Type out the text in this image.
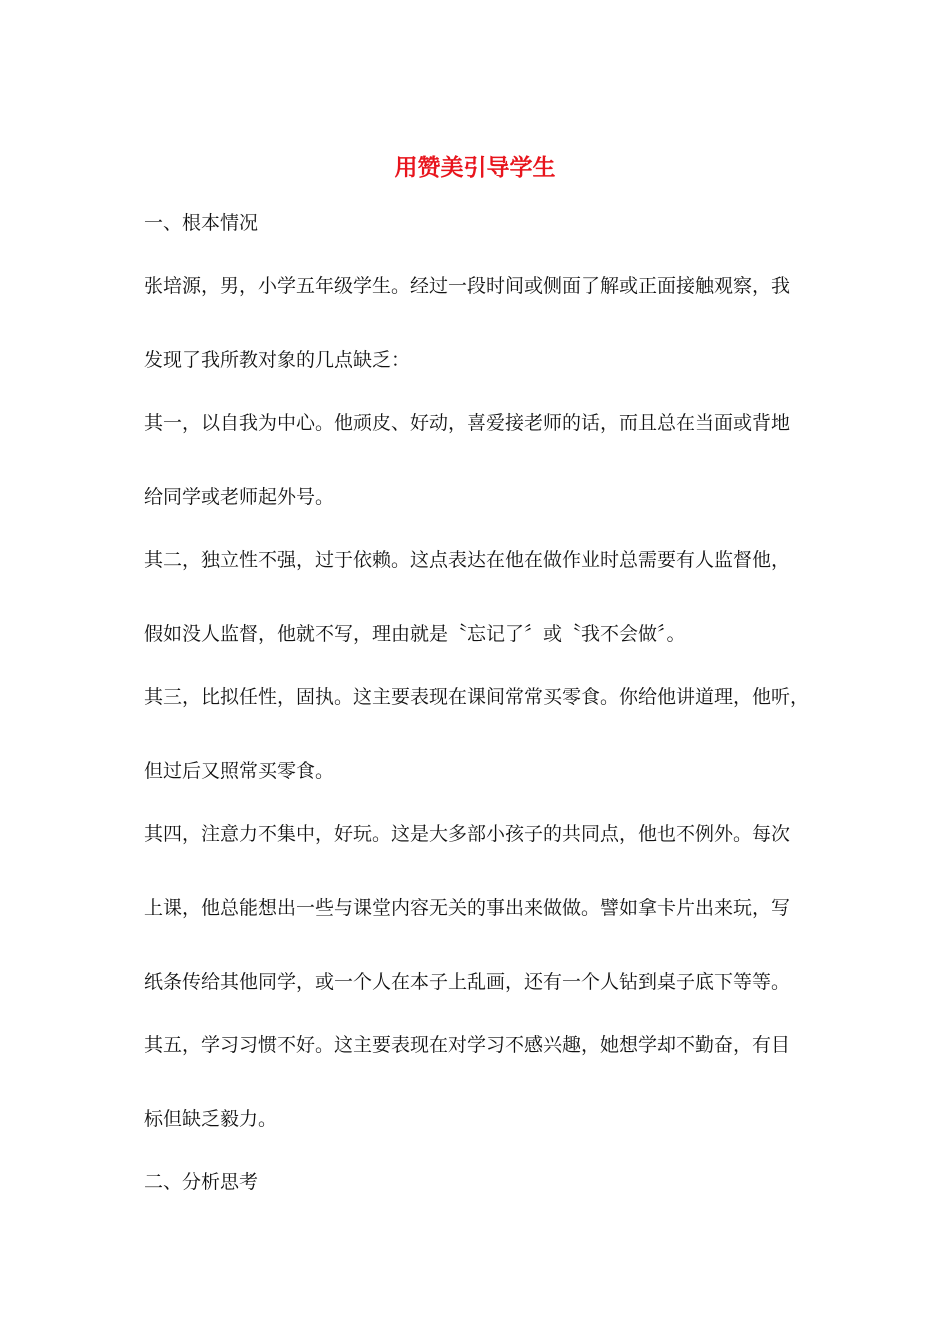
用赞美引导学生

一、根本情况

张培源，男，小学五年级学生。经过一段时间或侧面了解或正面接触观察，我

发现了我所教对象的几点缺乏：

其一，以自我为中心。他顽皮、好动，喜爱接老师的话，而且总在当面或背地

给同学或老师起外号。

其二，独立性不强，过于依赖。这点表达在他在做作业时总需要有人监督他，

假如没人监督，他就不写，理由就是〝忘记了〞或〝我不会做〞。

其三，比拟任性，固执。这主要表现在课间常常买零食。你给他讲道理，他听，

但过后又照常买零食。

其四，注意力不集中，好玩。这是大多部小孩子的共同点，他也不例外。每次

上课，他总能想出一些与课堂内容无关的事出来做做。譬如拿卡片出来玩，写

纸条传给其他同学，或一个人在本子上乱画，还有一个人钻到桌子底下等等。

其五，学习习惯不好。这主要表现在对学习不感兴趣，她想学却不勤奋，有目

标但缺乏毅力。

二、分析思考
